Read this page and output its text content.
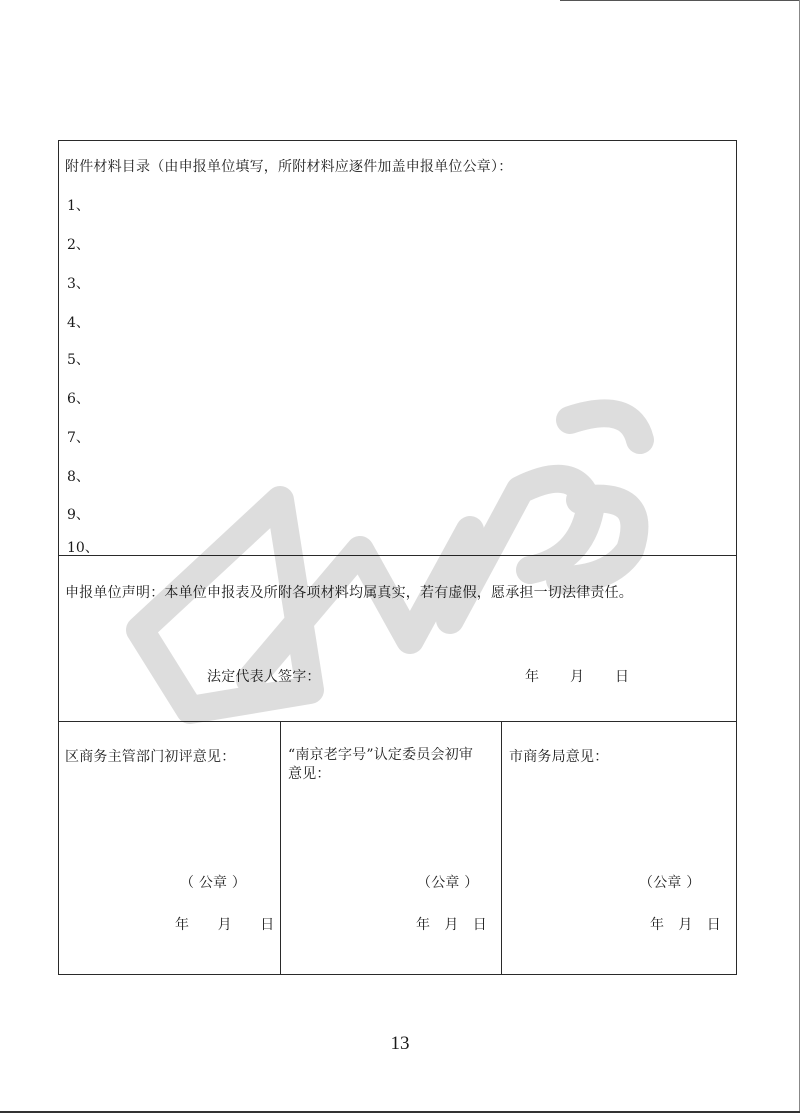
附件材料目录（由申报单位填写，所附材料应逐件加盖申报单位公章）：
1、
2、
3、
4、
5、
6、
7、
8、
9、
10、
申报单位声明：本单位申报表及所附各项材料均属真实，若有虚假，愿承担一切法律责任。
法定代表人签字：	年　　月　　日
区商务主管部门初评意见：
（ 公章 ）
年　　月　　日
“南京老字号”认定委员会初审
意见：
（公章 ）
年　月　日
市商务局意见：
（公章 ）
年　月　日
13
